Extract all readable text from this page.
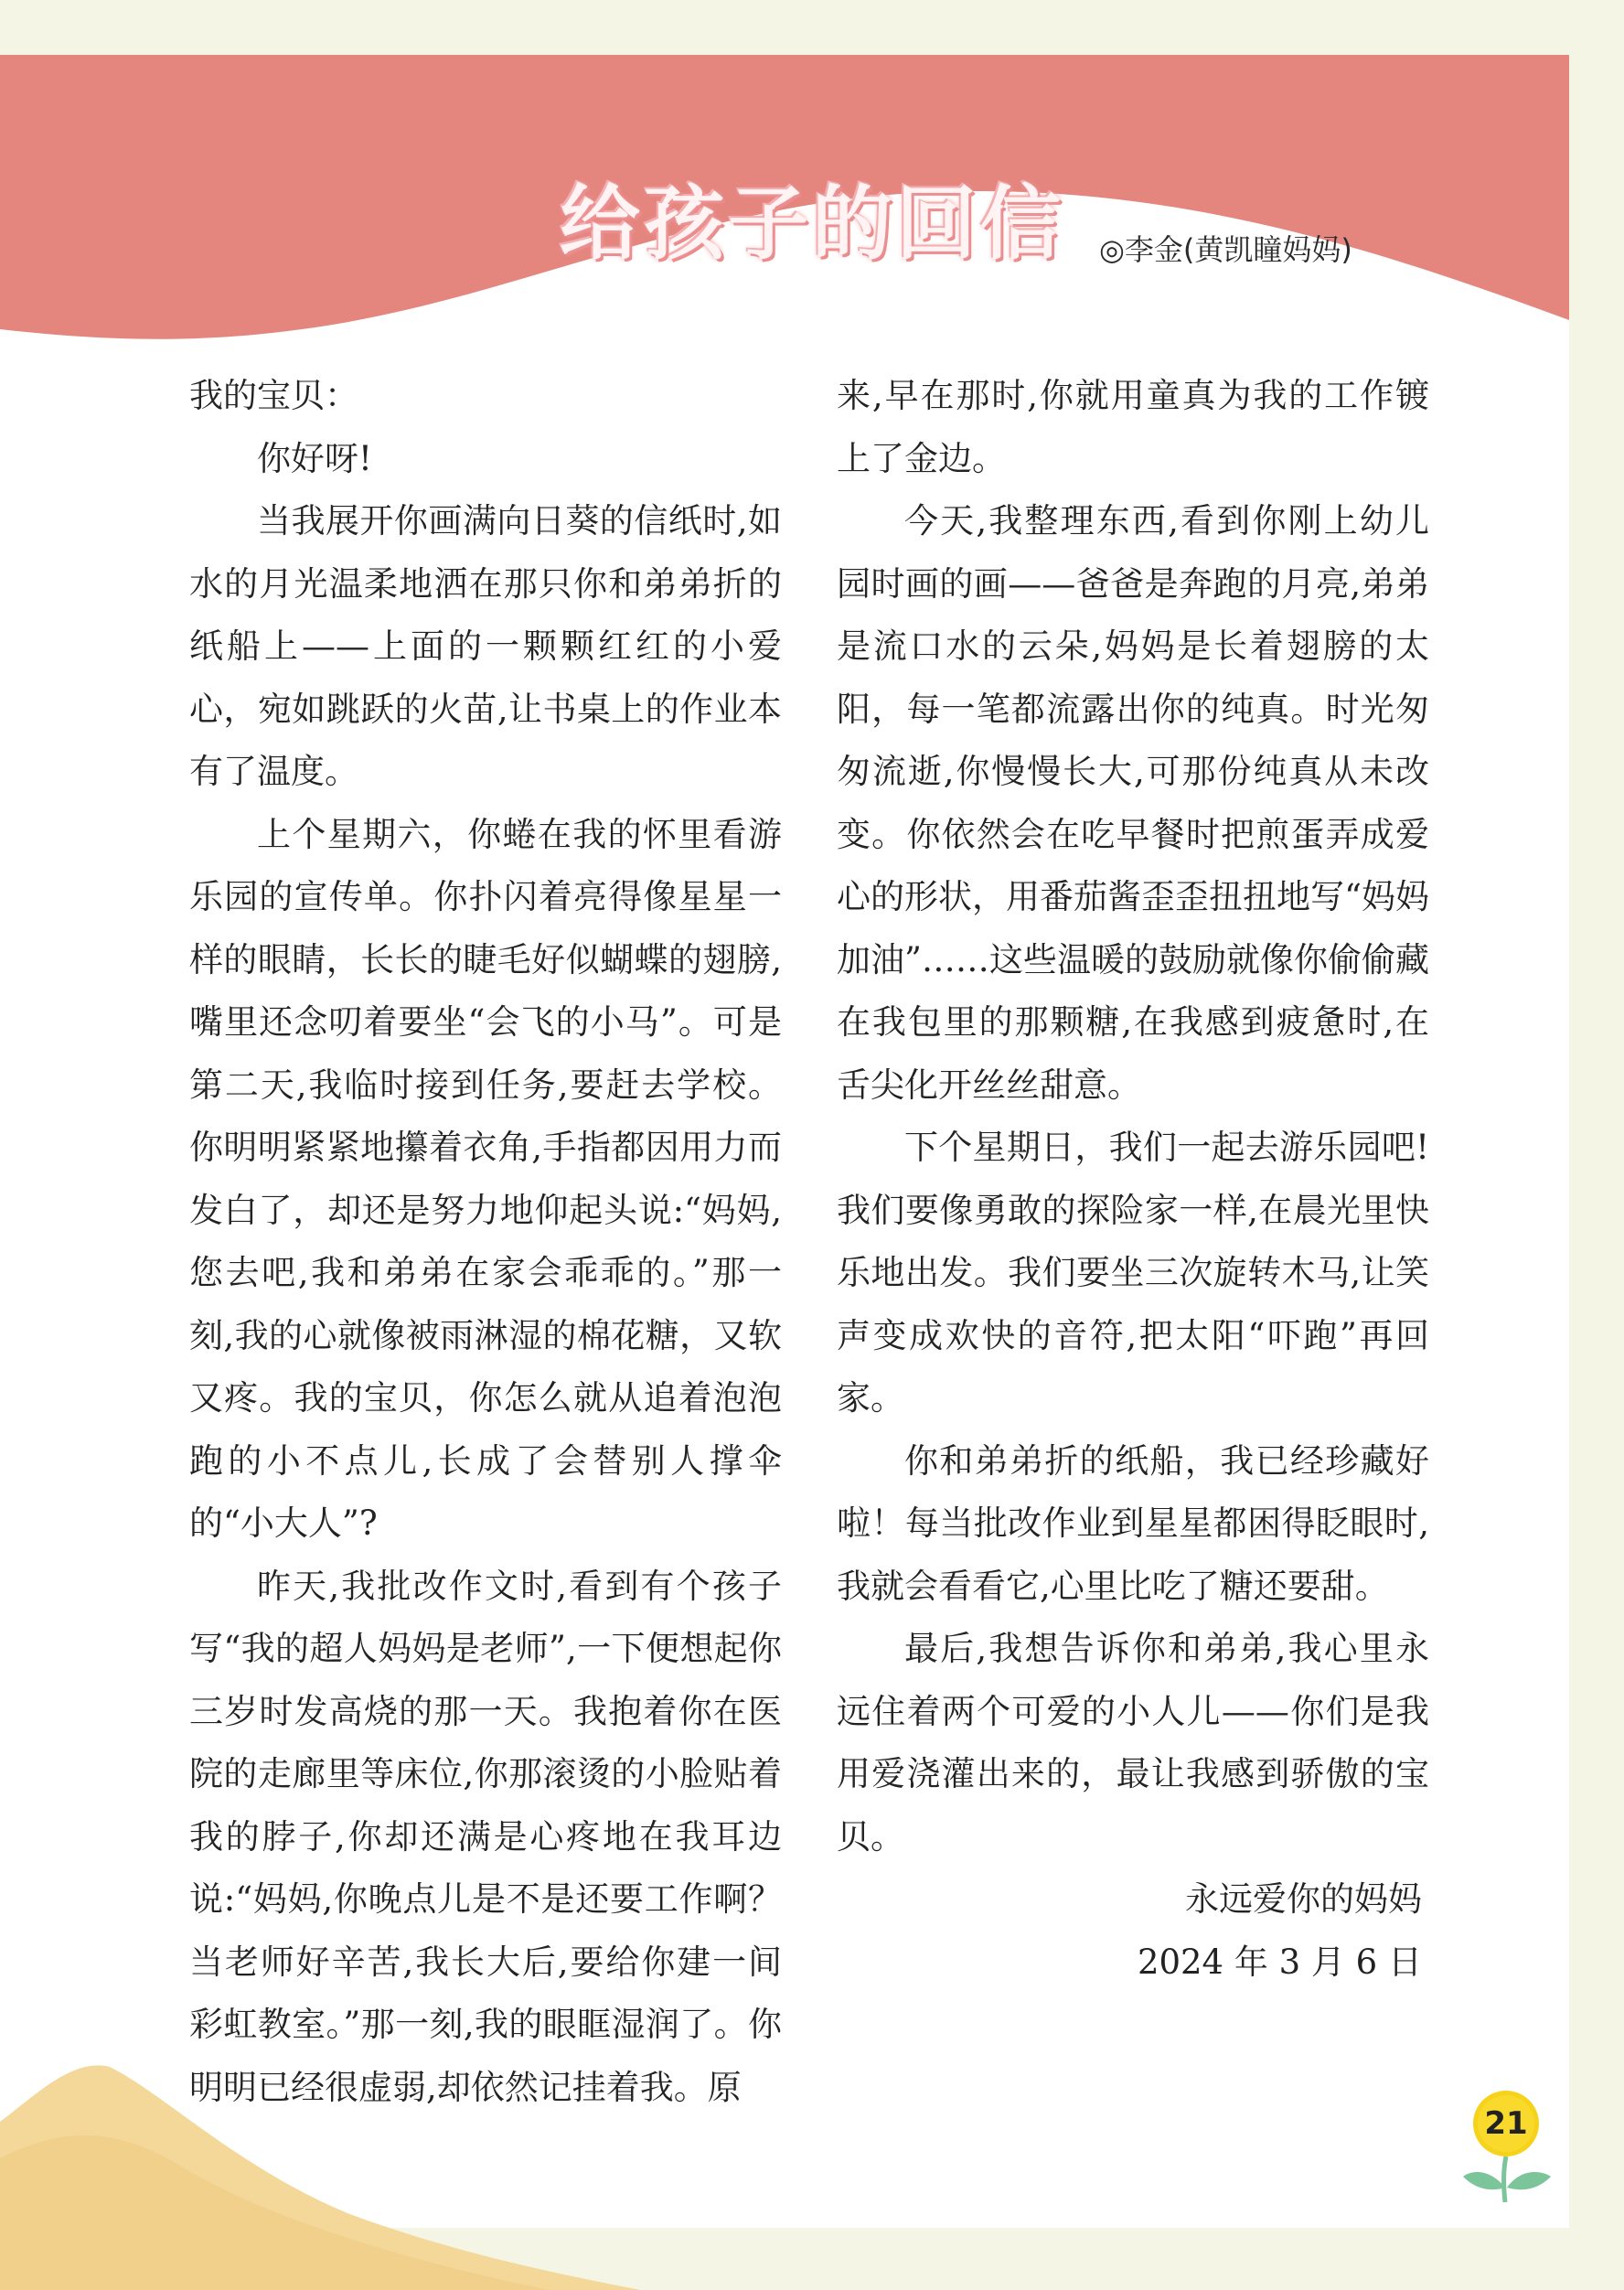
给孩子的回信 ◎李金(黄凯瞳妈妈)

我的宝贝：

你好呀!

当我展开你画满向日葵的信纸时,如水的月光温柔地洒在那只你和弟弟折的纸船上——上面的一颗颗红红的小爱心，宛如跳跃的火苗,让书桌上的作业本有了温度。

上个星期六，你蜷在我的怀里看游乐园的宣传单。你扑闪着亮得像星星一样的眼睛，长长的睫毛好似蝴蝶的翅膀,嘴里还念叨着要坐“会飞的小马”。可是第二天,我临时接到任务,要赶去学校。你明明紧紧地攥着衣角,手指都因用力而发白了，却还是努力地仰起头说:“妈妈,您去吧,我和弟弟在家会乖乖的。”那一刻,我的心就像被雨淋湿的棉花糖，又软又疼。我的宝贝，你怎么就从追着泡泡跑的小不点儿,长成了会替别人撑伞的“小大人”?

昨天,我批改作文时,看到有个孩子写“我的超人妈妈是老师”,一下便想起你三岁时发高烧的那一天。我抱着你在医院的走廊里等床位,你那滚烫的小脸贴着我的脖子,你却还满是心疼地在我耳边说:“妈妈,你晚点儿是不是还要工作啊？当老师好辛苦,我长大后,要给你建一间彩虹教室。”那一刻,我的眼眶湿润了。你明明已经很虚弱,却依然记挂着我。原

来,早在那时,你就用童真为我的工作镀上了金边。

今天,我整理东西,看到你刚上幼儿园时画的画——爸爸是奔跑的月亮,弟弟是流口水的云朵,妈妈是长着翅膀的太阳，每一笔都流露出你的纯真。时光匆匆流逝,你慢慢长大,可那份纯真从未改变。你依然会在吃早餐时把煎蛋弄成爱心的形状，用番茄酱歪歪扭扭地写“妈妈加油”……这些温暖的鼓励就像你偷偷藏在我包里的那颗糖,在我感到疲惫时,在舌尖化开丝丝甜意。

下个星期日，我们一起去游乐园吧!我们要像勇敢的探险家一样,在晨光里快乐地出发。我们要坐三次旋转木马,让笑声变成欢快的音符,把太阳“吓跑”再回家。

你和弟弟折的纸船，我已经珍藏好啦！每当批改作业到星星都困得眨眼时,我就会看看它,心里比吃了糖还要甜。

最后,我想告诉你和弟弟,我心里永远住着两个可爱的小人儿——你们是我用爱浇灌出来的，最让我感到骄傲的宝贝。

永远爱你的妈妈

2024 年 3 月 6 日

21
